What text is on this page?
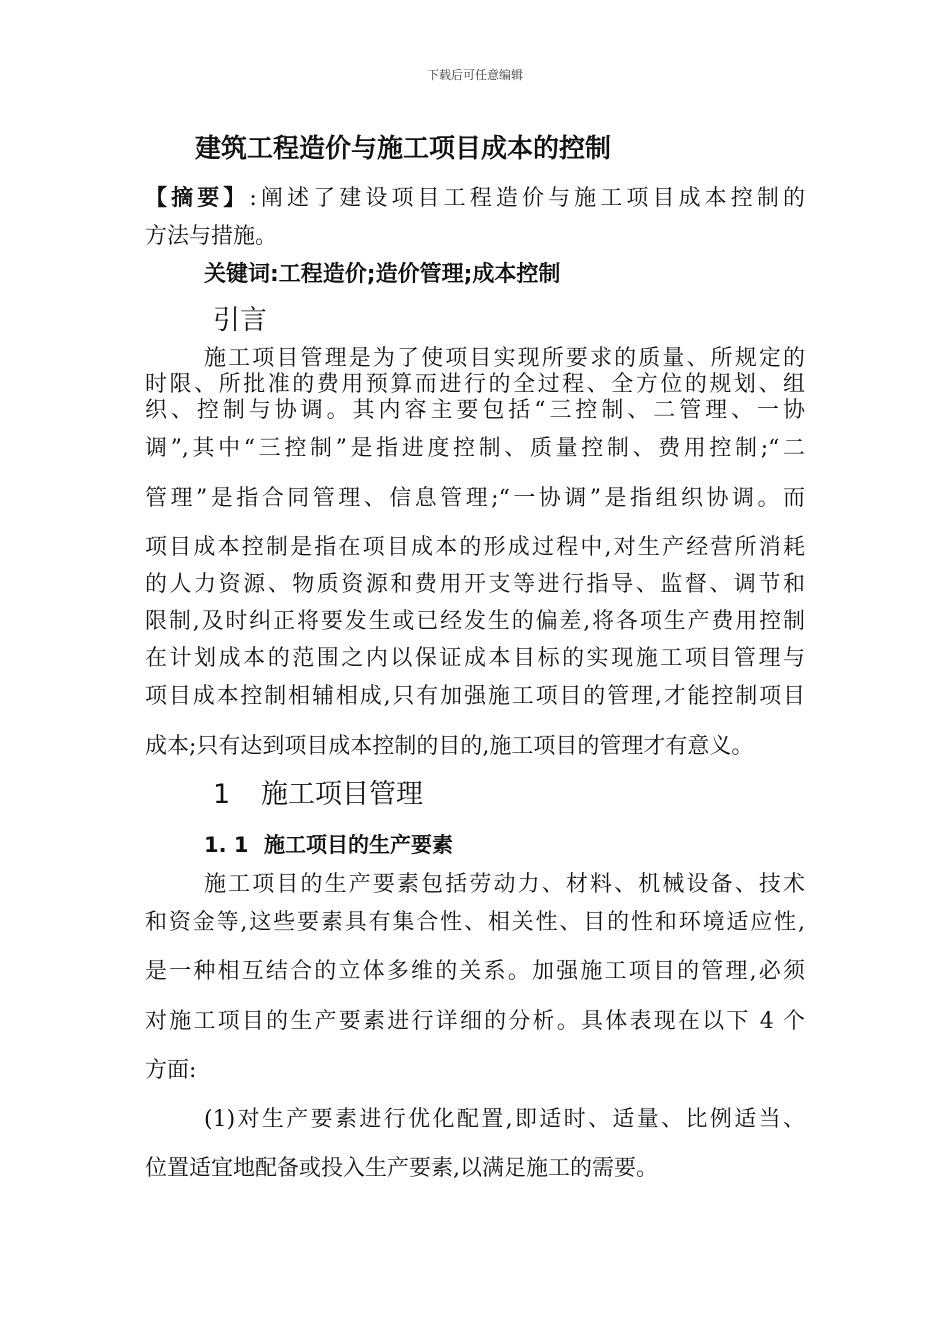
下载后可任意编辑
建筑工程造价与施工项目成本的控制
【摘要】:阐述了建设项目工程造价与施工项目成本控制的
方法与措施。
关键词:工程造价;造价管理;成本控制
引言
施工项目管理是为了使项目实现所要求的质量、所规定的
时限、所批准的费用预算而进行的全过程、全方位的规划、组
织、控制与协调。其内容主要包括“三控制、二管理、一协
调”,其中“三控制”是指进度控制、质量控制、费用控制;“二
管理”是指合同管理、信息管理;“一协调”是指组织协调。而
项目成本控制是指在项目成本的形成过程中,对生产经营所消耗
的人力资源、物质资源和费用开支等进行指导、监督、调节和
限制,及时纠正将要发生或已经发生的偏差,将各项生产费用控制
在计划成本的范围之内以保证成本目标的实现施工项目管理与
项目成本控制相辅相成,只有加强施工项目的管理,才能控制项目
成本;只有达到项目成本控制的目的,施工项目的管理才有意义。
1 施工项目管理
1. 1 施工项目的生产要素
施工项目的生产要素包括劳动力、材料、机械设备、技术
和资金等,这些要素具有集合性、相关性、目的性和环境适应性,
是一种相互结合的立体多维的关系。加强施工项目的管理,必须
对施工项目的生产要素进行详细的分析。具体表现在以下 4 个
方面:
(1)对生产要素进行优化配置,即适时、适量、比例适当、
位置适宜地配备或投入生产要素,以满足施工的需要。
